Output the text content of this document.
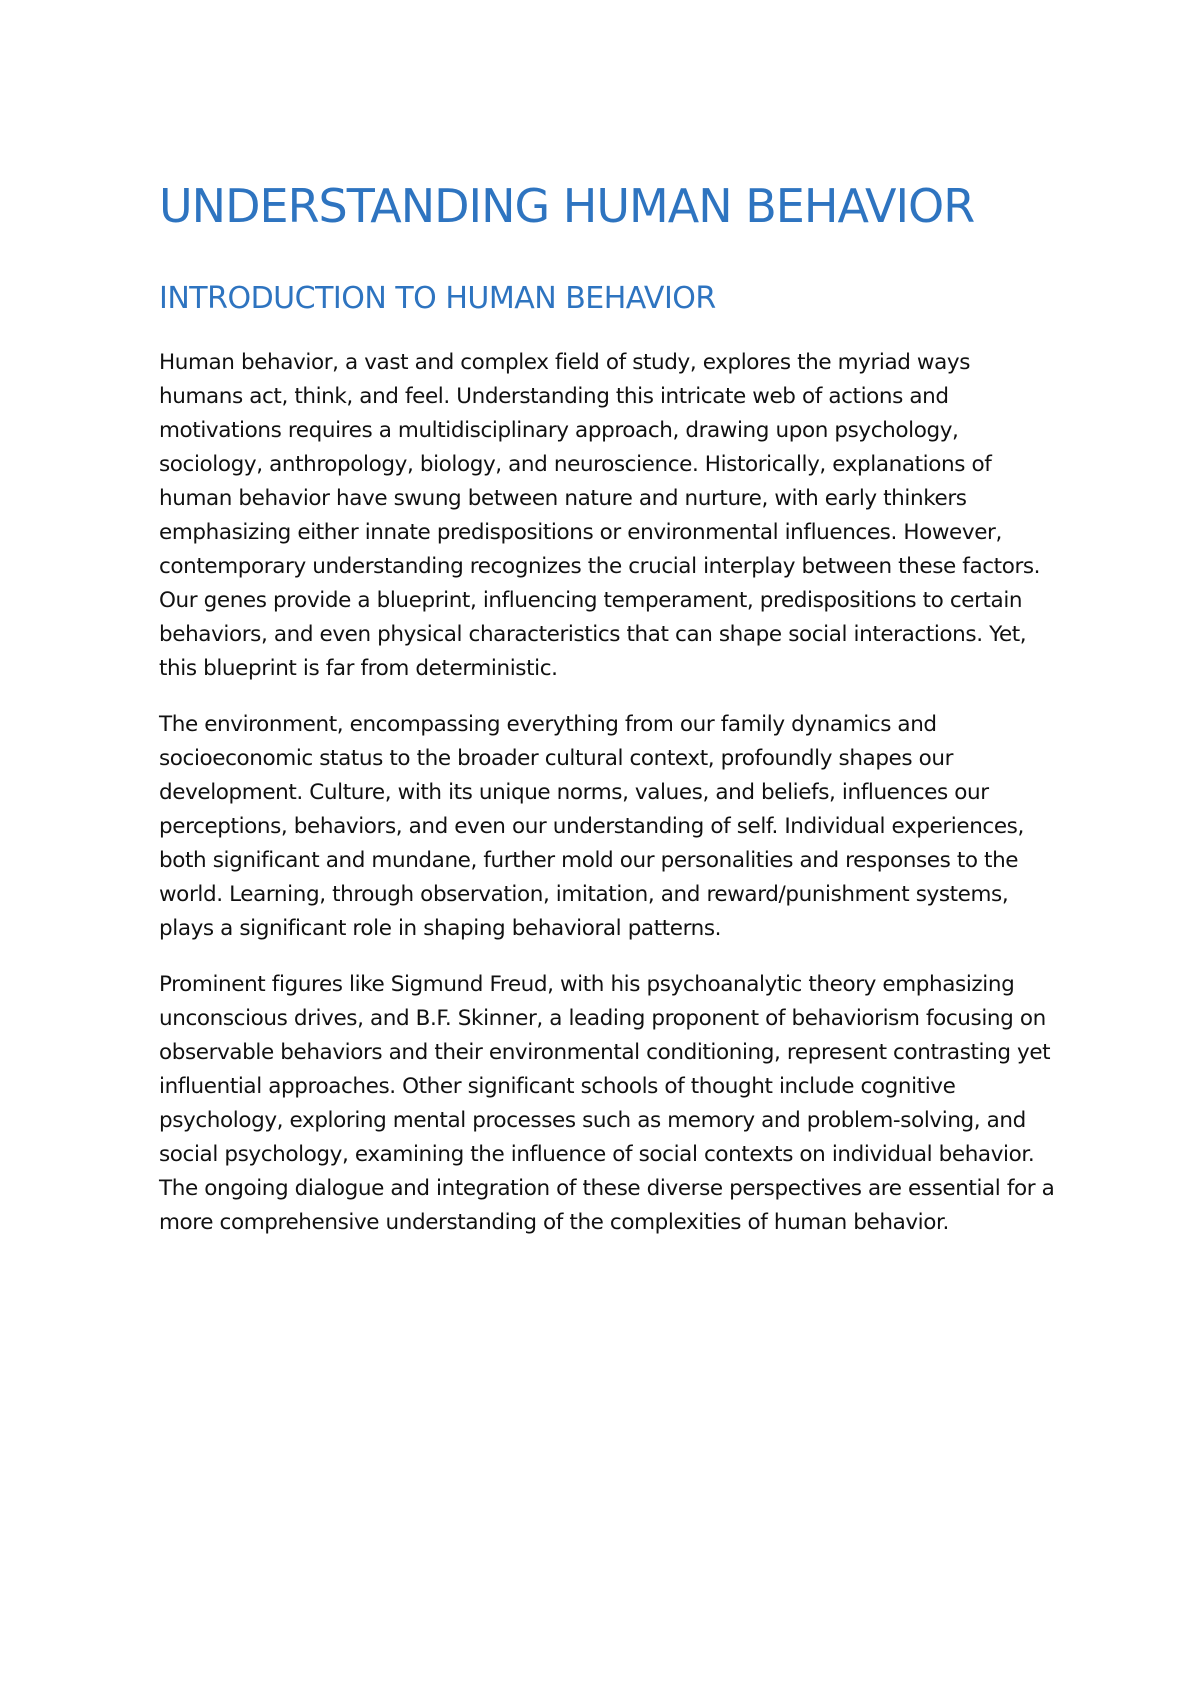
UNDERSTANDING HUMAN BEHAVIOR
INTRODUCTION TO HUMAN BEHAVIOR

Human behavior, a vast and complex field of study, explores the myriad ways humans act, think, and feel. Understanding this intricate web of actions and motivations requires a multidisciplinary approach, drawing upon psychology, sociology, anthropology, biology, and neuroscience. Historically, explanations of human behavior have swung between nature and nurture, with early thinkers emphasizing either innate predispositions or environmental influences. However, contemporary understanding recognizes the crucial interplay between these factors. Our genes provide a blueprint, influencing temperament, predispositions to certain behaviors, and even physical characteristics that can shape social interactions. Yet, this blueprint is far from deterministic.

The environment, encompassing everything from our family dynamics and socioeconomic status to the broader cultural context, profoundly shapes our development. Culture, with its unique norms, values, and beliefs, influences our perceptions, behaviors, and even our understanding of self. Individual experiences, both significant and mundane, further mold our personalities and responses to the world. Learning, through observation, imitation, and reward/punishment systems, plays a significant role in shaping behavioral patterns.

Prominent figures like Sigmund Freud, with his psychoanalytic theory emphasizing unconscious drives, and B.F. Skinner, a leading proponent of behaviorism focusing on observable behaviors and their environmental conditioning, represent contrasting yet influential approaches. Other significant schools of thought include cognitive psychology, exploring mental processes such as memory and problem-solving, and social psychology, examining the influence of social contexts on individual behavior. The ongoing dialogue and integration of these diverse perspectives are essential for a more comprehensive understanding of the complexities of human behavior.
